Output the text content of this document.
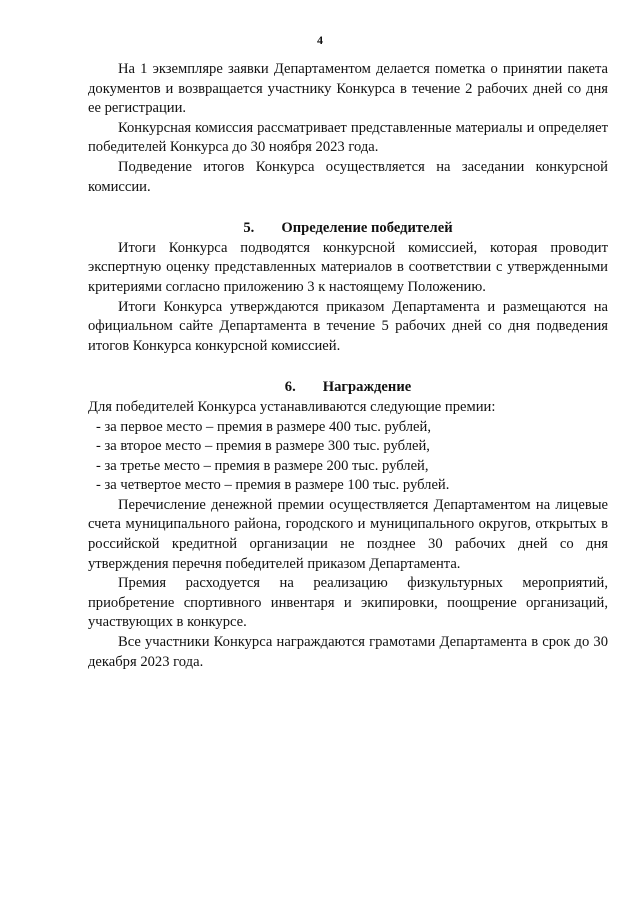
4

На 1 экземпляре заявки Департаментом делается пометка о принятии пакета документов и возвращается участнику Конкурса в течение 2 рабочих дней со дня ее регистрации.

Конкурсная комиссия рассматривает представленные материалы и определяет победителей Конкурса до 30 ноября 2023 года.

Подведение итогов Конкурса осуществляется на заседании конкурсной комиссии.

5. Определение победителей

Итоги Конкурса подводятся конкурсной комиссией, которая проводит экспертную оценку представленных материалов в соответствии с утвержденными критериями согласно приложению 3 к настоящему Положению.

Итоги Конкурса утверждаются приказом Департамента и размещаются на официальном сайте Департамента в течение 5 рабочих дней со дня подведения итогов Конкурса конкурсной комиссией.

6. Награждение

Для победителей Конкурса устанавливаются следующие премии:

- за первое место – премия в размере 400 тыс. рублей,

- за второе место – премия в размере 300 тыс. рублей,

- за третье место – премия в размере 200 тыс. рублей,

- за четвертое место – премия в размере 100 тыс. рублей.

Перечисление денежной премии осуществляется Департаментом на лицевые счета муниципального района, городского и муниципального округов, открытых в российской кредитной организации не позднее 30 рабочих дней со дня утверждения перечня победителей приказом Департамента.

Премия расходуется на реализацию физкультурных мероприятий, приобретение спортивного инвентаря и экипировки, поощрение организаций, участвующих в конкурсе.

Все участники Конкурса награждаются грамотами Департамента в срок до 30 декабря 2023 года.
